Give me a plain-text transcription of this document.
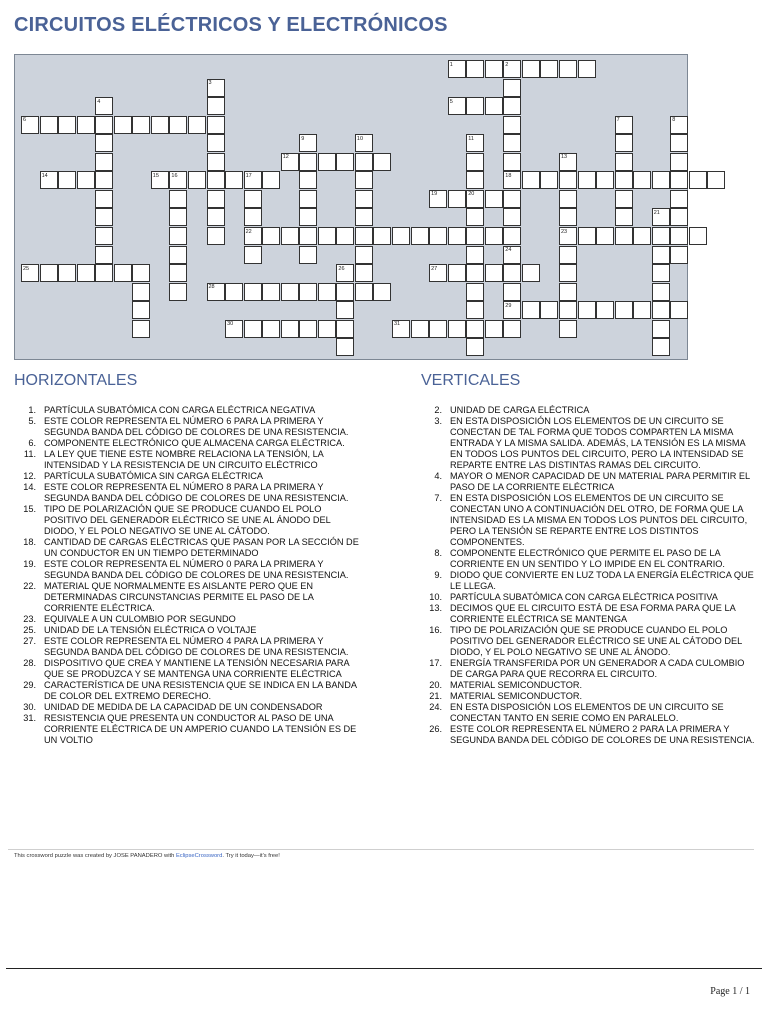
CIRCUITOS ELÉCTRICOS Y ELECTRÓNICOS
1	2
3
4	5
6	7	8
9	10	11
12	13
14	15 16	17	18
19	20
21
22	23
24
25	26	27
28
29
30	31
HORIZONTALES	VERTICALES
1. PARTÍCULA SUBATÓMICA CON CARGA ELÉCTRICA NEGATIVA
5. ESTE COLOR REPRESENTA EL NÚMERO 6 PARA LA PRIMERA Y SEGUNDA BANDA DEL CÓDIGO DE COLORES DE UNA RESISTENCIA.
6. COMPONENTE ELECTRÓNICO QUE ALMACENA CARGA ELÉCTRICA.
11. LA LEY QUE TIENE ESTE NOMBRE RELACIONA LA TENSIÓN, LA INTENSIDAD Y LA RESISTENCIA DE UN CIRCUITO ELÉCTRICO
12. PARTÍCULA SUBATÓMICA SIN CARGA ELÉCTRICA
14. ESTE COLOR REPRESENTA EL NÚMERO 8 PARA LA PRIMERA Y SEGUNDA BANDA DEL CÓDIGO DE COLORES DE UNA RESISTENCIA.
15. TIPO DE POLARIZACIÓN QUE SE PRODUCE CUANDO EL POLO POSITIVO DEL GENERADOR ELÉCTRICO SE UNE AL ÁNODO DEL DIODO, Y EL POLO NEGATIVO SE UNE AL CÁTODO.
18. CANTIDAD DE CARGAS ELÉCTRICAS QUE PASAN POR LA SECCIÓN DE UN CONDUCTOR EN UN TIEMPO DETERMINADO
19. ESTE COLOR REPRESENTA EL NÚMERO 0 PARA LA PRIMERA Y SEGUNDA BANDA DEL CÓDIGO DE COLORES DE UNA RESISTENCIA.
22. MATERIAL QUE NORMALMENTE ES AISLANTE PERO QUE EN DETERMINADAS CIRCUNSTANCIAS PERMITE EL PASO DE LA CORRIENTE ELÉCTRICA.
23. EQUIVALE A UN CULOMBIO POR SEGUNDO
25. UNIDAD DE LA TENSIÓN ELÉCTRICA O VOLTAJE
27. ESTE COLOR REPRESENTA EL NÚMERO 4 PARA LA PRIMERA Y SEGUNDA BANDA DEL CÓDIGO DE COLORES DE UNA RESISTENCIA.
28. DISPOSITIVO QUE CREA Y MANTIENE LA TENSIÓN NECESARIA PARA QUE SE PRODUZCA Y SE MANTENGA UNA CORRIENTE ELÉCTRICA
29. CARACTERÍSTICA DE UNA RESISTENCIA QUE SE INDICA EN LA BANDA DE COLOR DEL EXTREMO DERECHO.
30. UNIDAD DE MEDIDA DE LA CAPACIDAD DE UN CONDENSADOR
31. RESISTENCIA QUE PRESENTA UN CONDUCTOR AL PASO DE UNA CORRIENTE ELÉCTRICA DE UN AMPERIO CUANDO LA TENSIÓN ES DE UN VOLTIO
2. UNIDAD DE CARGA ELÉCTRICA
3. EN ESTA DISPOSICIÓN LOS ELEMENTOS DE UN CIRCUITO SE CONECTAN DE TAL FORMA QUE TODOS COMPARTEN LA MISMA ENTRADA Y LA MISMA SALIDA. ADEMÁS, LA TENSIÓN ES LA MISMA EN TODOS LOS PUNTOS DEL CIRCUITO, PERO LA INTENSIDAD SE REPARTE ENTRE LAS DISTINTAS RAMAS DEL CIRCUITO.
4. MAYOR O MENOR CAPACIDAD DE UN MATERIAL PARA PERMITIR EL PASO DE LA CORRIENTE ELÉCTRICA
7. EN ESTA DISPOSICIÓN LOS ELEMENTOS DE UN CIRCUITO SE CONECTAN UNO A CONTINUACIÓN DEL OTRO, DE FORMA QUE LA INTENSIDAD ES LA MISMA EN TODOS LOS PUNTOS DEL CIRCUITO, PERO LA TENSIÓN SE REPARTE ENTRE LOS DISTINTOS COMPONENTES.
8. COMPONENTE ELECTRÓNICO QUE PERMITE EL PASO DE LA CORRIENTE EN UN SENTIDO Y LO IMPIDE EN EL CONTRARIO.
9. DIODO QUE CONVIERTE EN LUZ TODA LA ENERGÍA ELÉCTRICA QUE LE LLEGA.
10. PARTÍCULA SUBATÓMICA CON CARGA ELÉCTRICA POSITIVA
13. DECIMOS QUE EL CIRCUITO ESTÁ DE ESA FORMA PARA QUE LA CORRIENTE ELÉCTRICA SE MANTENGA
16. TIPO DE POLARIZACIÓN QUE SE PRODUCE CUANDO EL POLO POSITIVO DEL GENERADOR ELÉCTRICO SE UNE AL CÁTODO DEL DIODO, Y EL POLO NEGATIVO SE UNE AL ÁNODO.
17. ENERGÍA TRANSFERIDA POR UN GENERADOR A CADA CULOMBIO DE CARGA PARA QUE RECORRA EL CIRCUITO.
20. MATERIAL SEMICONDUCTOR.
21. MATERIAL SEMICONDUCTOR.
24. EN ESTA DISPOSICIÓN LOS ELEMENTOS DE UN CIRCUITO SE CONECTAN TANTO EN SERIE COMO EN PARALELO.
26. ESTE COLOR REPRESENTA EL NÚMERO 2 PARA LA PRIMERA Y SEGUNDA BANDA DEL CÓDIGO DE COLORES DE UNA RESISTENCIA.
This crossword puzzle was created by JOSE PANADERO with EclipseCrossword. Try it today—it's free!
Page 1 / 1
